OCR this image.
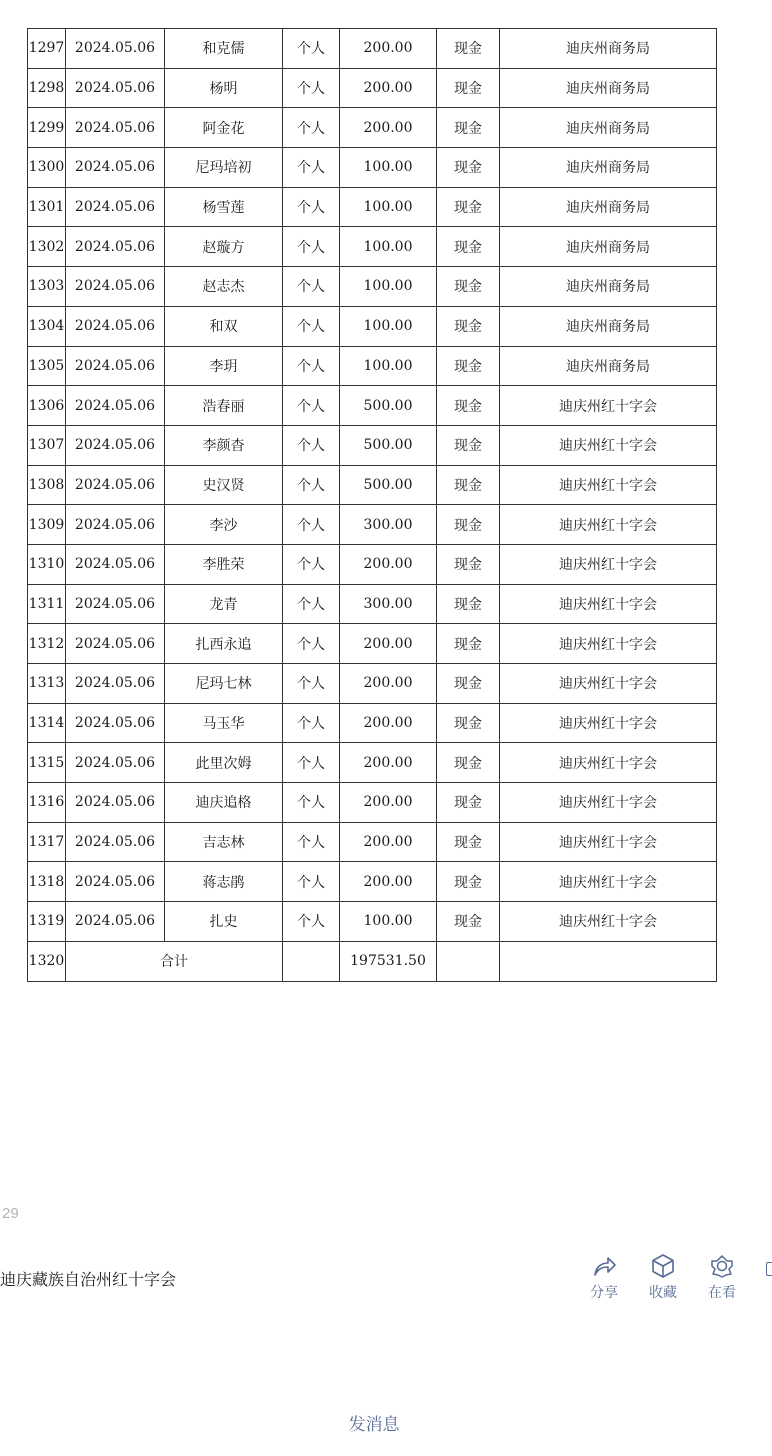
1297	2024.05.06	和克儒	个人	200.00	现金	迪庆州商务局
1298	2024.05.06	杨明	个人	200.00	现金	迪庆州商务局
1299	2024.05.06	阿金花	个人	200.00	现金	迪庆州商务局
1300	2024.05.06	尼玛培初	个人	100.00	现金	迪庆州商务局
1301	2024.05.06	杨雪莲	个人	100.00	现金	迪庆州商务局
1302	2024.05.06	赵璇方	个人	100.00	现金	迪庆州商务局
1303	2024.05.06	赵志杰	个人	100.00	现金	迪庆州商务局
1304	2024.05.06	和双	个人	100.00	现金	迪庆州商务局
1305	2024.05.06	李玥	个人	100.00	现金	迪庆州商务局
1306	2024.05.06	浩春丽	个人	500.00	现金	迪庆州红十字会
1307	2024.05.06	李颜杳	个人	500.00	现金	迪庆州红十字会
1308	2024.05.06	史汉贤	个人	500.00	现金	迪庆州红十字会
1309	2024.05.06	李沙	个人	300.00	现金	迪庆州红十字会
1310	2024.05.06	李胜荣	个人	200.00	现金	迪庆州红十字会
1311	2024.05.06	龙青	个人	300.00	现金	迪庆州红十字会
1312	2024.05.06	扎西永追	个人	200.00	现金	迪庆州红十字会
1313	2024.05.06	尼玛七林	个人	200.00	现金	迪庆州红十字会
1314	2024.05.06	马玉华	个人	200.00	现金	迪庆州红十字会
1315	2024.05.06	此里次姆	个人	200.00	现金	迪庆州红十字会
1316	2024.05.06	迪庆追格	个人	200.00	现金	迪庆州红十字会
1317	2024.05.06	吉志林	个人	200.00	现金	迪庆州红十字会
1318	2024.05.06	蒋志鹃	个人	200.00	现金	迪庆州红十字会
1319	2024.05.06	扎史	个人	100.00	现金	迪庆州红十字会
1320	合计			197531.50		
29
迪庆藏族自治州红十字会
分享	收藏	在看
发消息
